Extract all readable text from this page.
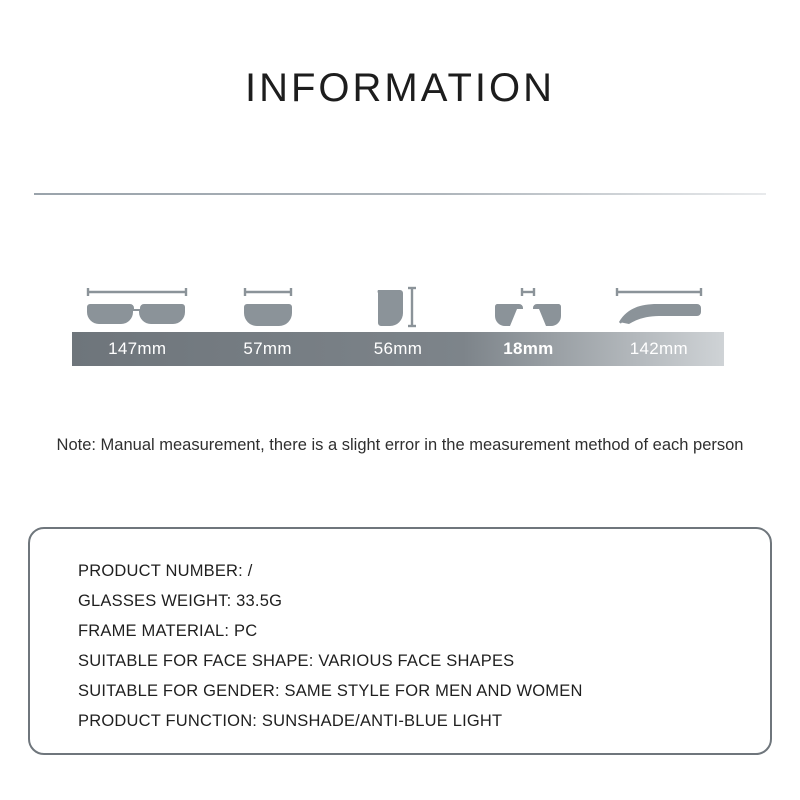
INFORMATION
147mm	57mm	56mm	18mm	142mm
Note: Manual measurement, there is a slight error in the measurement method of each person
PRODUCT NUMBER: /
GLASSES WEIGHT: 33.5G
FRAME MATERIAL: PC
SUITABLE FOR FACE SHAPE: VARIOUS FACE SHAPES
SUITABLE FOR GENDER: SAME STYLE FOR MEN AND WOMEN
PRODUCT FUNCTION: SUNSHADE/ANTI-BLUE LIGHT
